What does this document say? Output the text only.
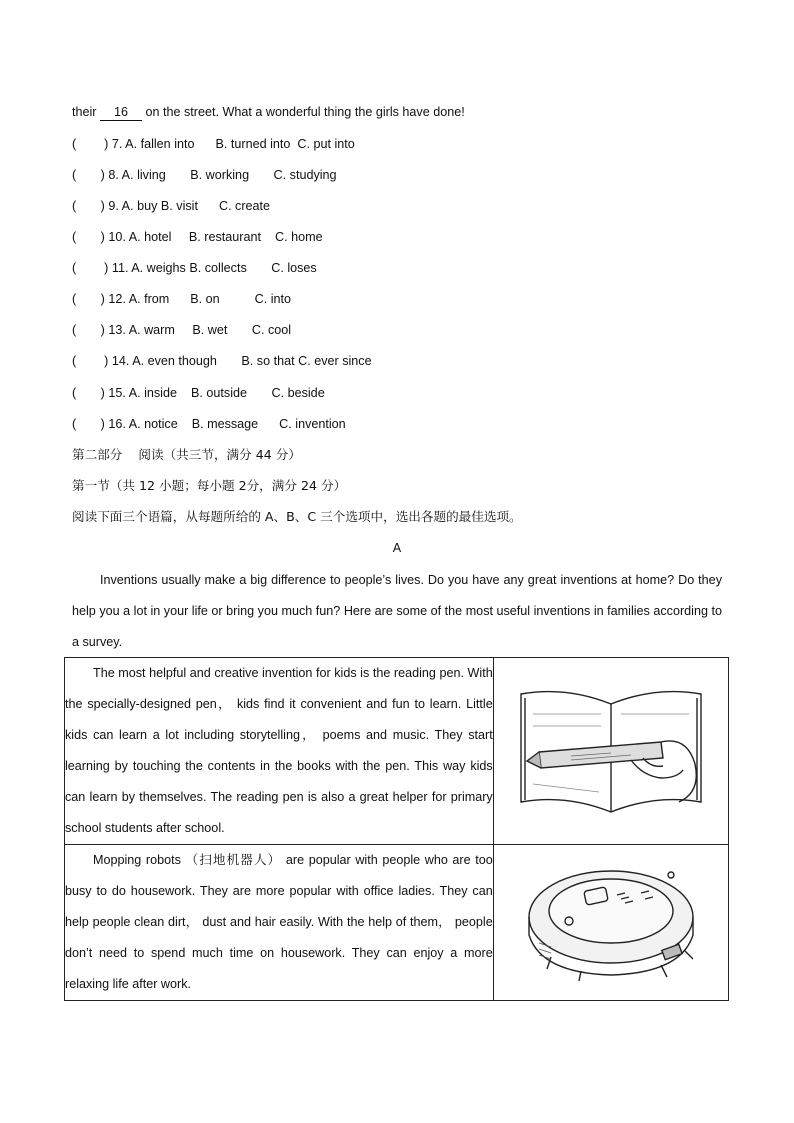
their 16 on the street. What a wonderful thing the girls have done!
(        ) 7. A. fallen into      B. turned into  C. put into
(       ) 8. A. living       B. working       C. studying
(       ) 9. A. buy B. visit      C. create
(       ) 10. A. hotel     B. restaurant    C. home
(        ) 11. A. weighs B. collects       C. loses
(       ) 12. A. from      B. on          C. into
(       ) 13. A. warm     B. wet       C. cool
(        ) 14. A. even though       B. so that C. ever since
(       ) 15. A. inside    B. outside       C. beside
(       ) 16. A. notice    B. message      C. invention
第二部分    阅读（共三节，满分 44 分）
第一节（共 12 小题；每小题 2分，满分 24 分）
阅读下面三个语篇，从每题所给的 A、B、C 三个选项中，选出各题的最佳选项。
A

Inventions usually make a big difference to people’s lives. Do you have any great inventions at home? Do they help you a lot in your life or bring you much fun? Here are some of the most useful inventions in families according to a survey.

The most helpful and creative invention for kids is the reading pen. With the specially-designed pen， kids find it convenient and fun to learn. Little kids can learn a lot including storytelling， poems and music. They start learning by touching the contents in the books with the pen. This way kids can learn by themselves. The reading pen is also a great helper for primary school students after school.

Mopping robots （扫地机器人） are popular with people who are too busy to do housework. They are more popular with office ladies. They can help people clean dirt， dust and hair easily. With the help of them， people don’t need to spend much time on housework. They can enjoy a more relaxing life after work.
